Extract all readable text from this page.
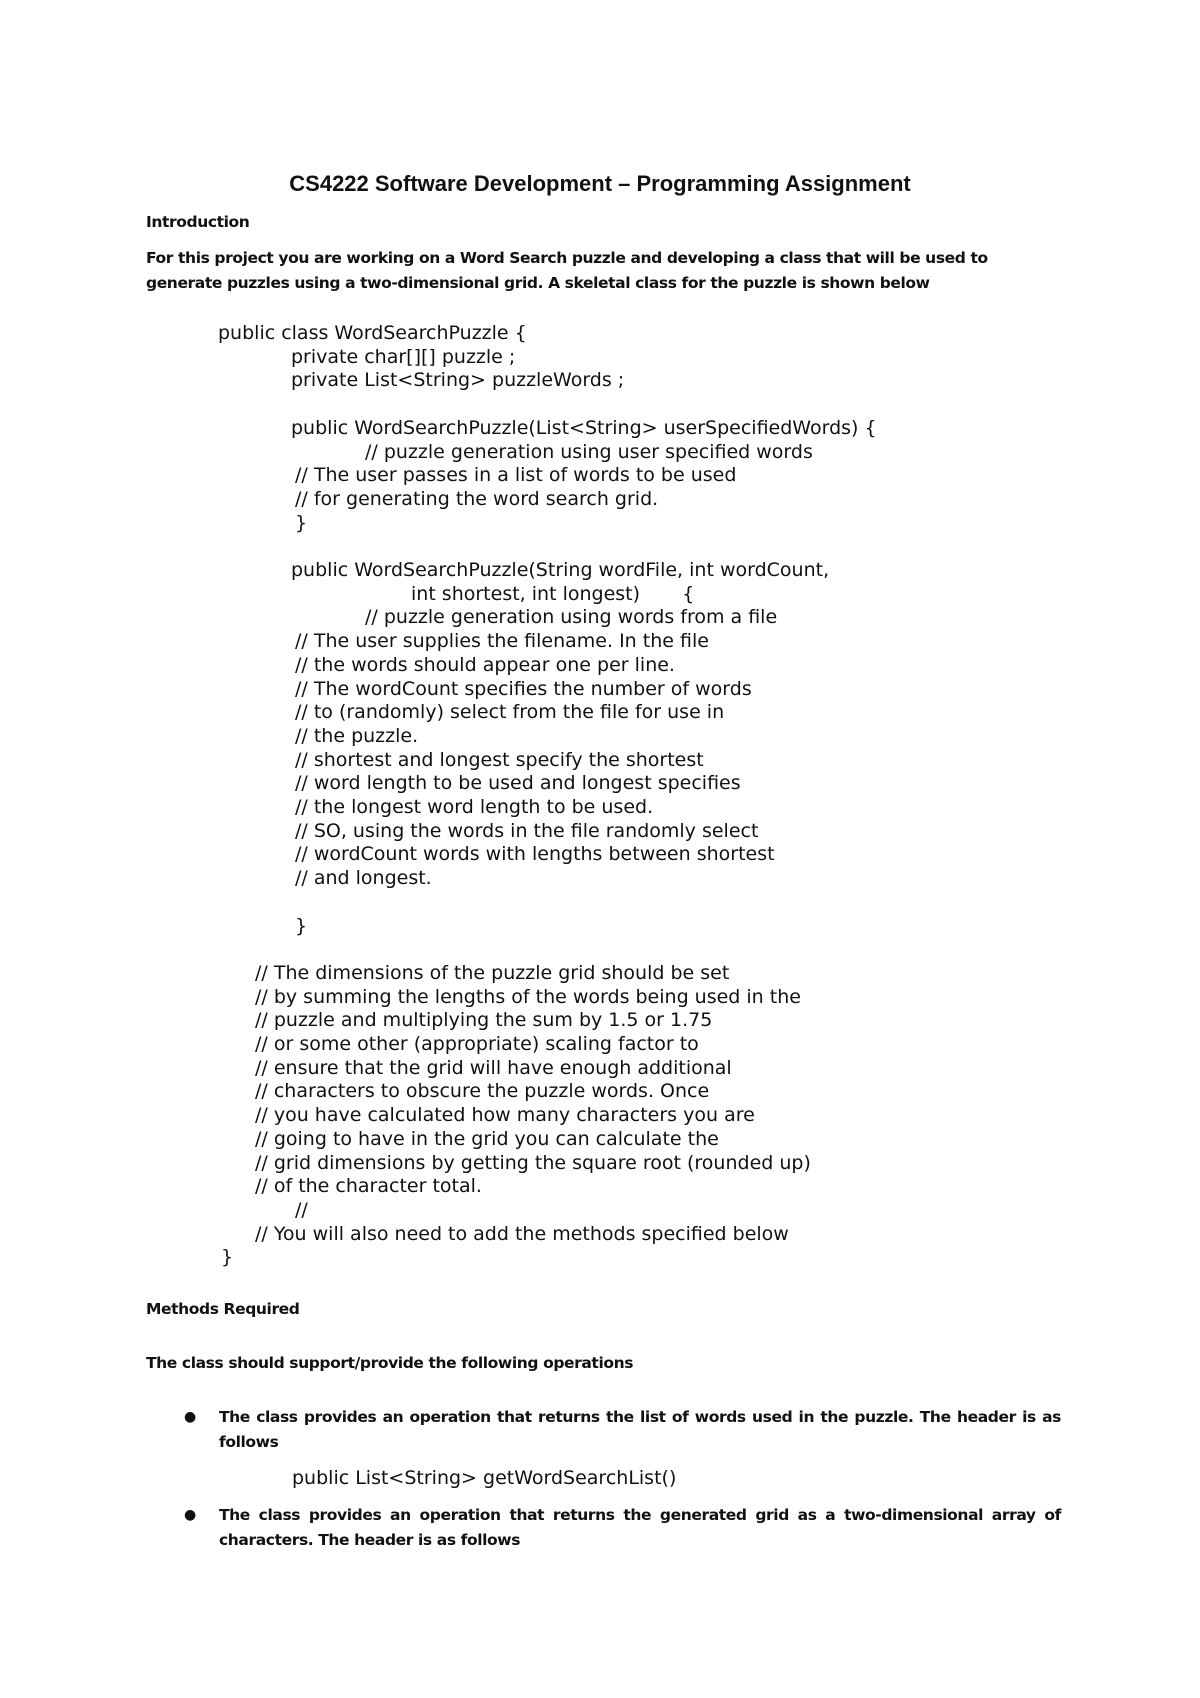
CS4222 Software Development – Programming Assignment
Introduction
For this project you are working on a Word Search puzzle and developing a class that will be used to generate puzzles using a two-dimensional grid. A skeletal class for the puzzle is shown below
public class WordSearchPuzzle {
private char[][] puzzle ;
private List<String> puzzleWords ;
public WordSearchPuzzle(List<String> userSpecifiedWords) {
// puzzle generation using user specified words
// The user passes in a list of words to be used
// for generating the word search grid.
}
public WordSearchPuzzle(String wordFile, int wordCount,
int shortest, int longest)       {
// puzzle generation using words from a file
// The user supplies the filename. In the file
// the words should appear one per line.
// The wordCount specifies the number of words
// to (randomly) select from the file for use in
// the puzzle.
// shortest and longest specify the shortest
// word length to be used and longest specifies
// the longest word length to be used.
// SO, using the words in the file randomly select
// wordCount words with lengths between shortest
// and longest.
}
// The dimensions of the puzzle grid should be set
// by summing the lengths of the words being used in the
// puzzle and multiplying the sum by 1.5 or 1.75
// or some other (appropriate) scaling factor to
// ensure that the grid will have enough additional
// characters to obscure the puzzle words. Once
// you have calculated how many characters you are
// going to have in the grid you can calculate the
// grid dimensions by getting the square root (rounded up)
// of the character total.
//
// You will also need to add the methods specified below
}
Methods Required
The class should support/provide the following operations
● The class provides an operation that returns the list of words used in the puzzle. The header is as follows
public List<String> getWordSearchList()
● The class provides an operation that returns the generated grid as a two-dimensional array of characters. The header is as follows
